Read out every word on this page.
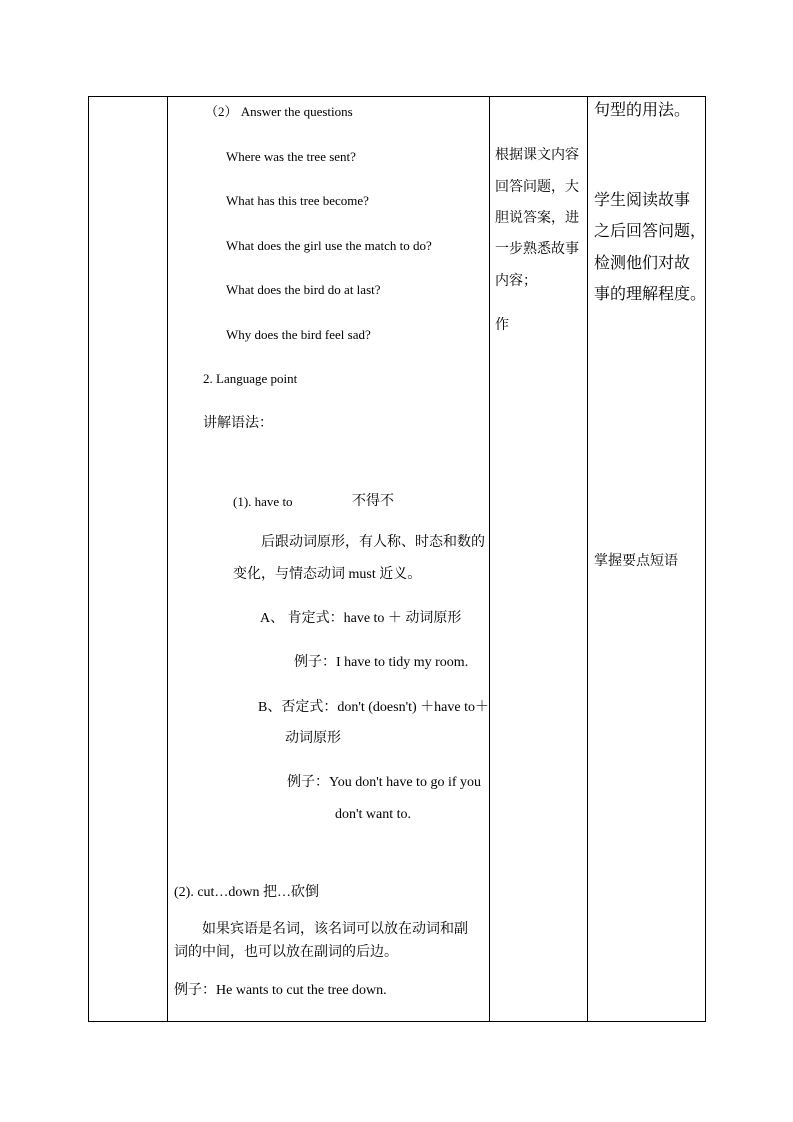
（2） Answer the questions
Where was the tree sent?
What has this tree become?
What does the girl use the match to do?
What does the bird do at last?
Why does the bird feel sad?
2. Language point
讲解语法：
(1). have to	不得不
后跟动词原形，有人称、时态和数的
变化，与情态动词 must 近义。
A、 肯定式：have to ＋ 动词原形
例子：I have to tidy my room.
B、否定式：don't (doesn't) ＋have to＋
动词原形
例子：You don't have to go if you
don't want to.
(2). cut…down 把…砍倒
如果宾语是名词，该名词可以放在动词和副
词的中间，也可以放在副词的后边。
例子：He wants to cut the tree down.
根据课文内容
回答问题，大
胆说答案，进
一步熟悉故事
内容；
作
句型的用法。
学生阅读故事
之后回答问题，
检测他们对故
事的理解程度。
掌握要点短语
